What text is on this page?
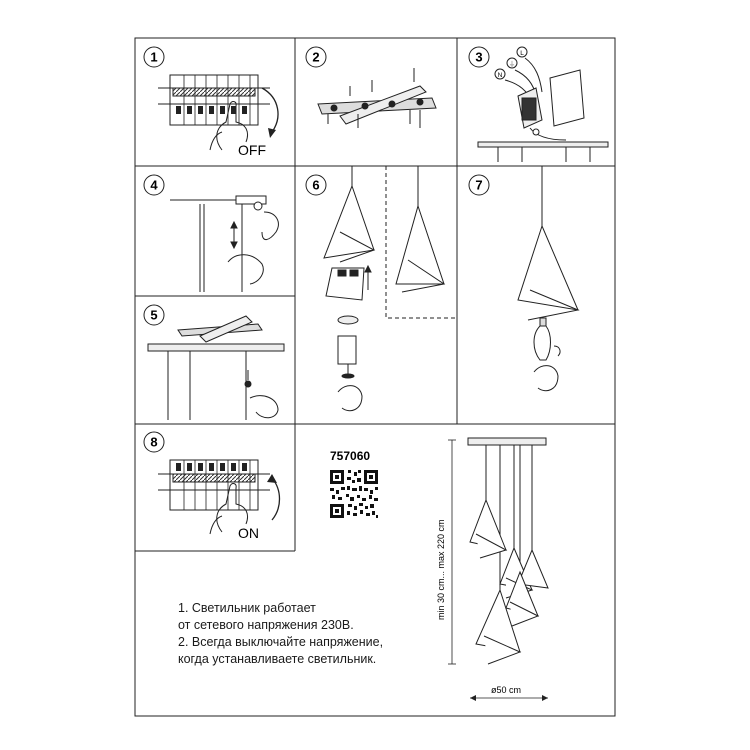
1
OFF
2	3
N
⏚
L
4
5
6	7
8
ON
757060
min 30 cm... max 220 cm
ø50 cm
1. Светильник работает
от сетевого напряжения 230В.
2. Всегда выключайте напряжение,
когда устанавливаете светильник.
